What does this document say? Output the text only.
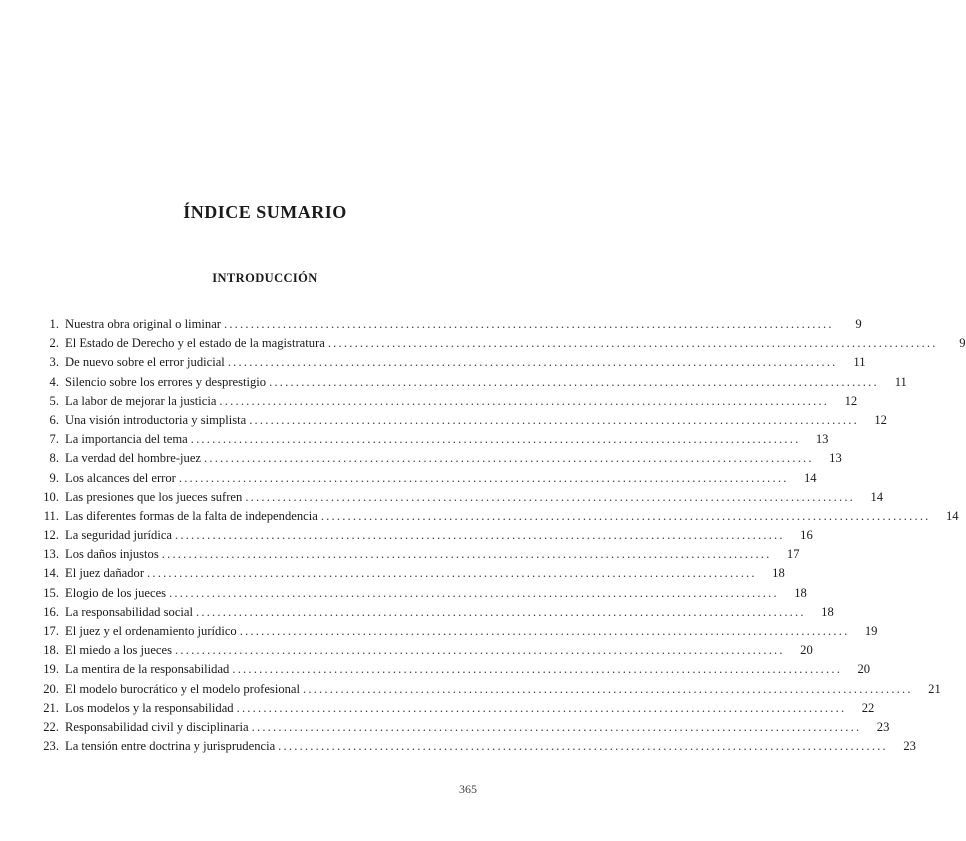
ÍNDICE SUMARIO
INTRODUCCIÓN
1. Nuestra obra original o liminar .....	9
2. El Estado de Derecho y el estado de la magistratura .....	9
3. De nuevo sobre el error judicial .....	11
4. Silencio sobre los errores y desprestigio .....	11
5. La labor de mejorar la justicia .....	12
6. Una visión introductoria y simplista .....	12
7. La importancia del tema .....	13
8. La verdad del hombre-juez .....	13
9. Los alcances del error .....	14
10. Las presiones que los jueces sufren .....	14
11. Las diferentes formas de la falta de independencia .....	14
12. La seguridad jurídica .....	16
13. Los daños injustos .....	17
14. El juez dañador .....	18
15. Elogio de los jueces .....	18
16. La responsabilidad social .....	18
17. El juez y el ordenamiento jurídico .....	19
18. El miedo a los jueces .....	20
19. La mentira de la responsabilidad .....	20
20. El modelo burocrático y el modelo profesional .....	21
21. Los modelos y la responsabilidad .....	22
22. Responsabilidad civil y disciplinaria .....	23
23. La tensión entre doctrina y jurisprudencia .....	23
365
